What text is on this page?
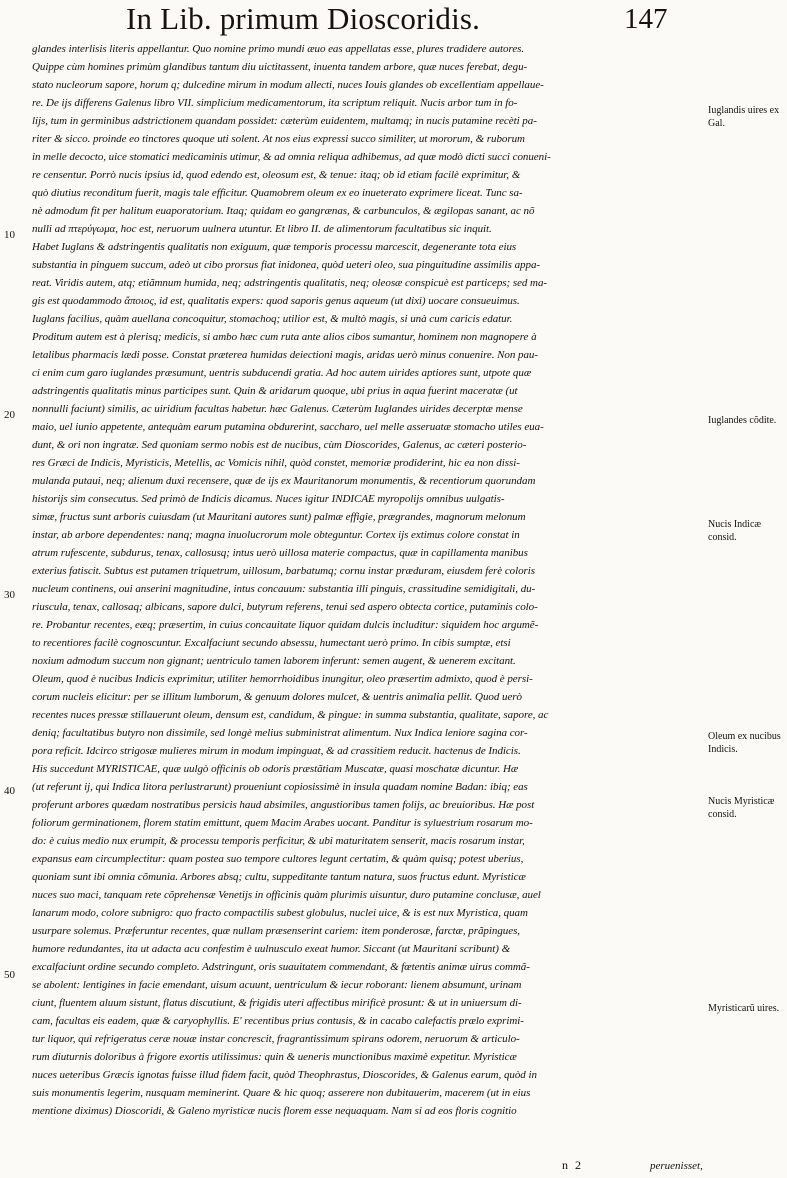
In Lib. primum Dioscoridis.	147
glandes interlisis literis appellantur. Quo nomine primo mundi æuo eas appellatas esse, plures tradidere autores.
Quippe cùm homines primùm glandibus tantum diu uictitassent, inuenta tandem arbore, quæ nuces ferebat, degu-
stato nucleorum sapore, horum q; dulcedine mirum in modum allecti, nuces Iouis glandes ob excellentiam appellaue-
re. De ijs differens Galenus libro VII. simplicium medicamentorum, ita scriptum reliquit. Nucis arbor tum in fo-
lijs, tum in germinibus adstrictionem quandam possidet: cæterùm euidentem, multamq; in nucis putamine recèti pa-
riter & sicco. proinde eo tinctores quoque uti solent. At nos eius expressi succo similiter, ut mororum, & ruborum
in melle decocto, uice stomatici medicaminis utimur, & ad omnia reliqua adhibemus, ad quæ modò dicti succi conueni-
re censentur. Porrò nucis ipsius id, quod edendo est, oleosum est, & tenue: itaq; ob id etiam facilè exprimitur, &
quò diutius reconditum fuerit, magis tale efficitur. Quamobrem oleum ex eo inueterato exprimere liceat. Tunc sa-
nè admodum fit per halitum euaporatorium. Itaq; quidam eo gangrænas, & carbunculos, & ægilopas sanant, ac nõ
nulli ad πτερύγωμα, hoc est, neruorum uulnera utuntur. Et libro II. de alimentorum facultatibus sic inquit.
Habet Iuglans & adstringentis qualitatis non exiguum, quæ temporis processu marcescit, degenerante tota eius
substantia in pinguem succum, adeò ut cibo prorsus fiat inidonea, quòd ueteri oleo, sua pinguitudine assimilis appa-
reat. Viridis autem, atq; etiãmnum humida, neq; adstringentis qualitatis, neq; oleosæ conspicuè est particeps; sed ma-
gis est quodammodo ἄποιος, id est, qualitatis expers: quod saporis genus aqueum (ut dixi) uocare consueuimus.
Iuglans facilius, quàm auellana concoquitur, stomachoq; utilior est, & multò magis, si unà cum caricis edatur.
Proditum autem est à plerisq; medicis, si ambo hæc cum ruta ante alios cibos sumantur, hominem non magnopere à
letalibus pharmacis lædi posse. Constat præterea humidas deiectioni magis, aridas uerò minus conuenire. Non pau-
ci enim cum garo iuglandes præsumunt, uentris subducendi gratia. Ad hoc autem uirides aptiores sunt, utpote quæ
adstringentis qualitatis minus participes sunt. Quin & aridarum quoque, ubi prius in aqua fuerint maceratæ (ut
nonnulli faciunt) similis, ac uiridium facultas habetur. hæc Galenus. Cæterùm Iuglandes uirides decerptæ mense
maio, uel iunio appetente, antequàm earum putamina obdurerint, saccharo, uel melle asseruatæ stomacho utiles eua-
dunt, & ori non ingratæ. Sed quoniam sermo nobis est de nucibus, cùm Dioscorides, Galenus, ac cæteri posterio-
res Græci de Indicis, Myristicis, Metellis, ac Vomicis nihil, quòd constet, memoriæ prodiderint, hic ea non dissi-
mulanda putaui, neq; alienum duxi recensere, quæ de ijs ex Mauritanorum monumentis, & recentiorum quorundam
historijs sim consecutus. Sed primò de Indicis dicamus. Nuces igitur INDICAE myropolijs omnibus uulgatis-
simæ, fructus sunt arboris cuiusdam (ut Mauritani autores sunt) palmæ effigie, prægrandes, magnorum melonum
instar, ab arbore dependentes: nanq; magna inuolucrorum mole obteguntur. Cortex ijs extimus colore constat in
atrum rufescente, subdurus, tenax, callosusq; intus uerò uillosa materie compactus, quæ in capillamenta manibus
exterius fatiscit. Subtus est putamen triquetrum, uillosum, barbatumq; cornu instar præduram, eiusdem ferè coloris
nucleum continens, oui anserini magnitudine, intus concauum: substantia illi pinguis, crassitudine semidigitali, du-
riuscula, tenax, callosaq; albicans, sapore dulci, butyrum referens, tenui sed aspero obtecta cortice, putaminis colo-
re. Probantur recentes, eæq; præsertim, in cuius concauitate liquor quidam dulcis includitur: siquidem hoc argumẽ-
to recentiores facilè cognoscuntur. Excalfaciunt secundo absessu, humectant uerò primo. In cibis sumptæ, etsi
noxium admodum succum non gignant; uentriculo tamen laborem inferunt: semen augent, & uenerem excitant.
Oleum, quod è nucibus Indicis exprimitur, utiliter hemorrhoidibus inungitur, oleo præsertim admixto, quod è persi-
corum nucleis elicitur: per se illitum lumborum, & genuum dolores mulcet, & uentris animalia pellit. Quod uerò
recentes nuces pressæ stillauerunt oleum, densum est, candidum, & pingue: in summa substantia, qualitate, sapore, ac
deniq; facultatibus butyro non dissimile, sed longè melius subministrat alimentum. Nux Indica leniore sagina cor-
pora reficit. Idcirco strigosæ mulieres mirum in modum impinguat, & ad crassitiem reducit. hactenus de Indicis.
His succedunt MYRISTICAE, quæ uulgò officinis ob odoris præstãtiam Muscatæ, quasi moschatæ dicuntur. Hæ
(ut referunt ij, qui Indica litora perlustrarunt) proueniunt copiosissimè in insula quadam nomine Badan: ibiq; eas
proferunt arbores quædam nostratibus persicis haud absimiles, angustioribus tamen folijs, ac breuioribus. Hæ post
foliorum germinationem, florem statim emittunt, quem Macim Arabes uocant. Panditur is syluestrium rosarum mo-
do: è cuius medio nux erumpit, & processu temporis perficitur, & ubi maturitatem senserit, macis rosarum instar,
expansus eam circumplectitur: quam postea suo tempore cultores legunt certatim, & quàm quisq; potest uberius,
quoniam sunt ibi omnia cõmunia. Arbores absq; cultu, suppeditante tantum natura, suos fructus edunt. Myristicæ
nuces suo maci, tanquam rete cõprehensæ Venetijs in officinis quàm plurimis uisuntur, duro putamine conclusæ, auel
lanarum modo, colore subnigro: quo fracto compactilis subest globulus, nuclei uice, & is est nux Myristica, quam
usurpare solemus. Præferuntur recentes, quæ nullam præsenserint cariem: item ponderosæ, farctæ, prãpingues,
humore redundantes, ita ut adacta acu confestim è uulnusculo exeat humor. Siccant (ut Mauritani scribunt) &
excalfaciunt ordine secundo completo. Adstringunt, oris suauitatem commendant, & fœtentis animæ uirus commã-
se abolent: lentigines in facie emendant, uisum acuunt, uentriculum & iecur roborant: lienem absumunt, urinam
ciunt, fluentem aluum sistunt, flatus discutiunt, & frigidis uteri affectibus mirificè prosunt: & ut in uniuersum di-
cam, facultas eis eadem, quæ & caryophyllis. E' recentibus prius contusis, & in cacabo calefactis prælo exprimi-
tur liquor, qui refrigeratus ceræ nouæ instar concrescit, fragrantissimum spirans odorem, neruorum & articulo-
rum diuturnis doloribus à frigore exortis utilissimus: quin & ueneris munctionibus maximè expetitur. Myristicæ
nuces ueteribus Græcis ignotas fuisse illud fidem facit, quòd Theophrastus, Dioscorides, & Galenus earum, quòd in
suis monumentis legerim, nusquam meminerint. Quare & hic quoq; asserere non dubitauerim, macerem (ut in eius
mentione diximus) Dioscoridi, & Galeno myristicæ nucis florem esse nequaquam. Nam si ad eos floris cognitio
10
20
30
40
50
Iuglandis uires ex Gal.
Iuglandes cõdite.
Nucis Indicæ consid.
Oleum ex nucibus Indicis.
Nucis Myristicæ consid.
Myristicarũ uires.
n 2	peruenisset,
